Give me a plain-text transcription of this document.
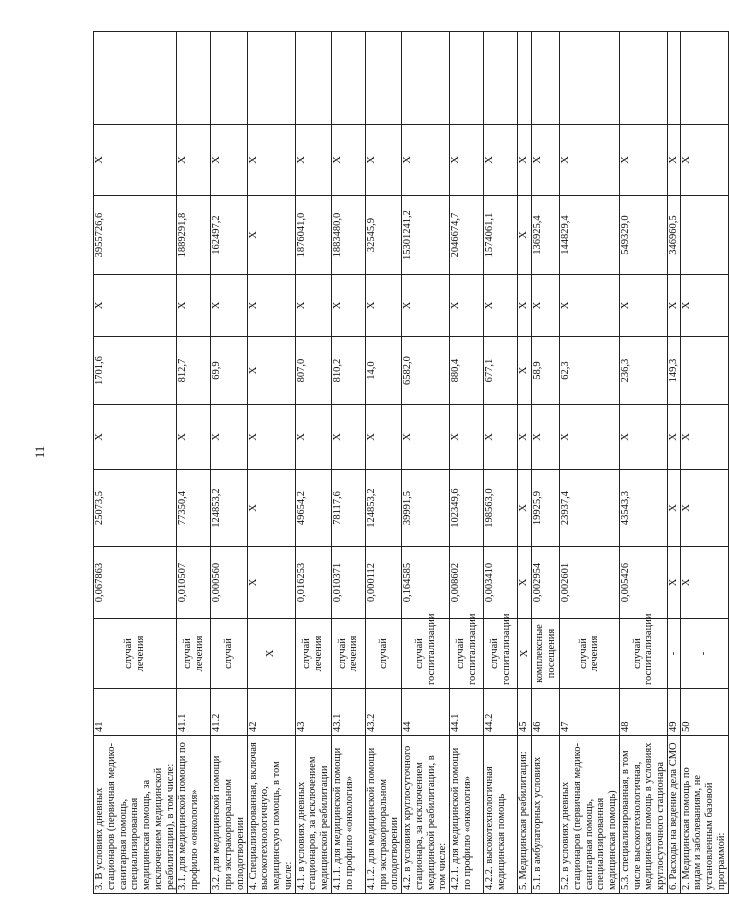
11
3. В условиях дневных стационаров (первичная медико-санитарная помощь, специализированная медицинская помощь, за исключением медицинской реабилитации), в том числе:	41	случай лечения	0,067863	25073,5	X	1701,6	X	3955726,6	X	
3.1. для медицинской помощи по профилю «онкология»	41.1	случай лечения	0,010507	77350,4	X	812,7	X	1889291,8	X	
3.2. для медицинской помощи при экстракорпоральном оплодотворении	41.2	случай	0,000560	124853,2	X	69,9	X	162497,2	X	
4. Специализированная, включая высокотехнологичную, медицинскую помощь, в том числе:	42	X	X	X	X	X	X	X	X	
4.1. в условиях дневных стационаров, за исключением медицинской реабилитации	43	случай лечения	0,016253	49654,2	X	807,0	X	1876041,0	X	
4.1.1. для медицинской помощи по профилю «онкология»	43.1	случай лечения	0,010371	78117,6	X	810,2	X	1883480,0	X	
4.1.2. для медицинской помощи при экстракорпоральном оплодотворении	43.2	случай	0,000112	124853,2	X	14,0	X	32545,9	X	
4.2. в условиях круглосуточного стационара, за исключением медицинской реабилитации, в том числе:	44	случай госпитализации	0,164585	39991,5	X	6582,0	X	15301241,2	X	
4.2.1. для медицинской помощи по профилю «онкология»	44.1	случай госпитализации	0,008602	102349,6	X	880,4	X	2046674,7	X	
4.2.2. высокотехнологичная медицинская помощь	44.2	случай госпитализации	0,003410	198563,0	X	677,1	X	1574061,1	X	
5. Медицинская реабилитация:	45	X	X	X	X	X	X	X	X	
5.1. в амбулаторных условиях	46	комплексные посещения	0,002954	19925,9	X	58,9	X	136925,4	X	
5.2. в условиях дневных стационаров (первичная медико-санитарная помощь, специализированная медицинская помощь)	47	случай лечения	0,002601	23937,4	X	62,3	X	144829,4	X	
5.3. специализированная, в том числе высокотехнологичная, медицинская помощь в условиях круглосуточного стационара	48	случай госпитализации	0,005426	43543,3	X	236,3	X	549329,0	X	
6. Расходы на ведение дела СМО	49	-	X	X	X	149,3	X	346960,5	X	
2. Медицинская помощь по видам и заболеваниям, не установленным базовой программой:	50	-	X	X	X		X		X	
